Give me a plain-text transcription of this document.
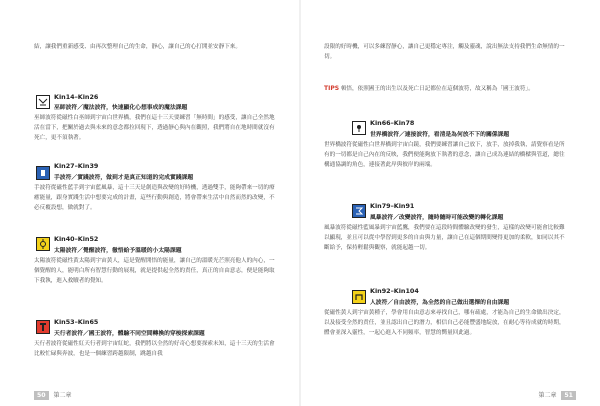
結，讓我們重新感受、由再次整理自己的生命，靜心，讓自己的心打開並安靜下來。
Kin14–Kin26
巫師波符／魔法波符，快速顯化心想事成的魔法課題
巫師波符從磁性白巫師到宇宙白世界橋，我們在這十三天要練習「無時間」的感受，讓自己全然地活在當下，把關於過去與未來的意念都拉回現下，透過靜心與內在觀照，我們將自在地時間就沒有死亡，更不須執著。
Kin27–Kin39
手波符／實踐波符，做到才是真正知道的完成實踐課題
手波符從磁性藍手到宇宙藍風暴，這十三天是創造與改變的好時機，透過雙手，能夠帶來一切的療癒能量，跟身實踐生活中想要完成的計畫，這些行動與創造，將會帶來生活中自然而然的改變，不必反覆設想，做就對了。
Kin40–Kin52
太陽波符／覺醒波符，徹悟給予溫暖的小太陽課題
太陽波符從磁性黃太陽到宇宙黃人，這是覺醒開悟的能量，讓自己的溫暖光芒照亮他人的內心，一個覺醒的人，能明白所有智慧行動的展現，就是提供起全然的責任，真正的自由意志，便是能夠取下我執，進入救贖者的覺知。
Kin53–Kin65
天行者波符／國王波符，體驗不同空間轉換的穿梭探索課題
天行者波符從磁性紅天行者到宇宙紅蛇，我們將以全然的好奇心想要探索未知，這十三天的生活會比較忙碌與奔波，也是一個練習跨越限制，跳越自我
50 第二章
設限的好時機，可以多練習靜心，讓自己更穩定專注，觸及靈魂，說出無法支持我們生命無情的一切。
TIPS 頓悟，依照國王的出生以及死亡日記都位在這個波符，故又稱為「國王波符」。
Kin66–Kin78
世界橋波符／連接波符，看清是為何放不下的關係課題
世界橋波符從磁性白世界橋到宇宙白鏡，我們要練習讓自己放下，放手，放掉我執，請覺察看是所有的一切都是自己內在的反映，我們便能夠放下執著的意念，讓自己成為連結的橋樑與管道，總往構通協調的角色，連接著此岸與彼岸的兩端。
Kin79–Kin91
風暴波符／改變波符，隨時隨時可能改變的轉化課題
風暴波符從磁性藍風暴到宇宙藍鷹，我們要在這段時間體驗改變的發生，這樣的改變可能會比較難以顯現，並且可以從中學習到更多的自由與力量，讓自己在這個期間變得更加的柔軟，如同以其不斷給予，保持輕鬆與觀察，就能起越一切。
Kin92–Kin104
人波符／自由波符，為全然的自己做出選擇的自由課題
從磁性黃人到宇宙黃種子，學會用自由意志來尋找自己，哪有疏處，才能為自己的生命做出決定，以及接受全然的責任，並且認出自己的潛力，相信自己必能豐盛地綻放，在耐心等待成就的時期，體會並深入靈性，一起心進入不同頻率，智慧的嚮量回此過。
第二章 51
